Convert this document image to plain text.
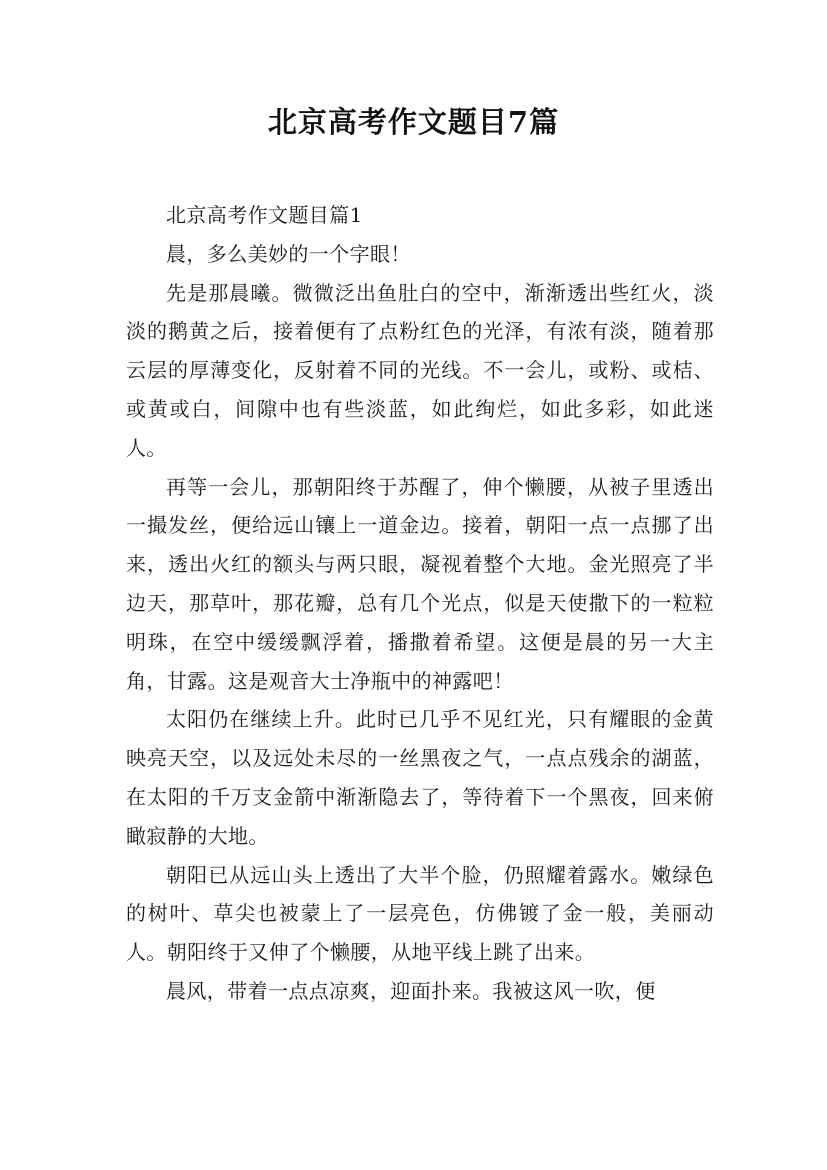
北京高考作文题目7篇

北京高考作文题目篇1

晨，多么美妙的一个字眼！

先是那晨曦。微微泛出鱼肚白的空中，渐渐透出些红火，淡淡的鹅黄之后，接着便有了点粉红色的光泽，有浓有淡，随着那云层的厚薄变化，反射着不同的光线。不一会儿，或粉、或桔、或黄或白，间隙中也有些淡蓝，如此绚烂，如此多彩，如此迷人。

再等一会儿，那朝阳终于苏醒了，伸个懒腰，从被子里透出一撮发丝，便给远山镶上一道金边。接着，朝阳一点一点挪了出来，透出火红的额头与两只眼，凝视着整个大地。金光照亮了半边天，那草叶，那花瓣，总有几个光点，似是天使撒下的一粒粒明珠，在空中缓缓飘浮着，播撒着希望。这便是晨的另一大主角，甘露。这是观音大士净瓶中的神露吧！

太阳仍在继续上升。此时已几乎不见红光，只有耀眼的金黄映亮天空，以及远处未尽的一丝黑夜之气，一点点残余的湖蓝，在太阳的千万支金箭中渐渐隐去了，等待着下一个黑夜，回来俯瞰寂静的大地。

朝阳已从远山头上透出了大半个脸，仍照耀着露水。嫩绿色的树叶、草尖也被蒙上了一层亮色，仿佛镀了金一般，美丽动人。朝阳终于又伸了个懒腰，从地平线上跳了出来。

晨风，带着一点点凉爽，迎面扑来。我被这风一吹，便
